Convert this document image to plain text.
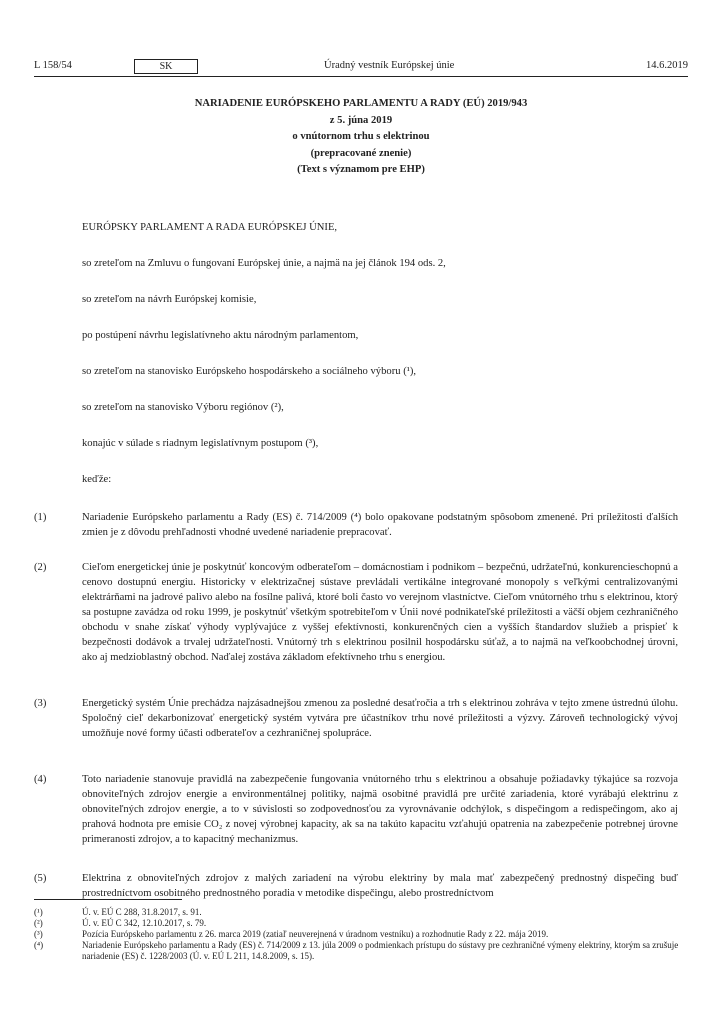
L 158/54	SK	Úradný vestník Európskej únie	14.6.2019
NARIADENIE EURÓPSKEHO PARLAMENTU A RADY (EÚ) 2019/943
z 5. júna 2019
o vnútornom trhu s elektrinou
(prepracované znenie)
(Text s významom pre EHP)
EURÓPSKY PARLAMENT A RADA EURÓPSKEJ ÚNIE,
so zreteľom na Zmluvu o fungovaní Európskej únie, a najmä na jej článok 194 ods. 2,
so zreteľom na návrh Európskej komisie,
po postúpení návrhu legislatívneho aktu národným parlamentom,
so zreteľom na stanovisko Európskeho hospodárskeho a sociálneho výboru (¹),
so zreteľom na stanovisko Výboru regiónov (²),
konajúc v súlade s riadnym legislatívnym postupom (³),
keďže:
(1)	Nariadenie Európskeho parlamentu a Rady (ES) č. 714/2009 (⁴) bolo opakovane podstatným spôsobom zmenené. Pri príležitosti ďalších zmien je z dôvodu prehľadnosti vhodné uvedené nariadenie prepracovať.
(2)	Cieľom energetickej únie je poskytnúť koncovým odberateľom – domácnostiam i podnikom – bezpečnú, udržateľnú, konkurencieschopnú a cenovo dostupnú energiu. Historicky v elektrizačnej sústave prevládali vertikálne integrované monopoly s veľkými centralizovanými elektrárňami na jadrové palivo alebo na fosílne palivá, ktoré boli často vo verejnom vlastníctve. Cieľom vnútorného trhu s elektrinou, ktorý sa postupne zavádza od roku 1999, je poskytnúť všetkým spotrebiteľom v Únii nové podnikateľské príležitosti a väčší objem cezhraničného obchodu v snahe získať výhody vyplývajúce z vyššej efektívnosti, konkurenčných cien a vyšších štandardov služieb a prispieť k bezpečnosti dodávok a trvalej udržateľnosti. Vnútorný trh s elektrinou posilnil hospodársku súťaž, a to najmä na veľkoobchodnej úrovni, ako aj medzioblastný obchod. Naďalej zostáva základom efektívneho trhu s energiou.
(3)	Energetický systém Únie prechádza najzásadnejšou zmenou za posledné desaťročia a trh s elektrinou zohráva v tejto zmene ústrednú úlohu. Spoločný cieľ dekarbonizovať energetický systém vytvára pre účastníkov trhu nové príležitosti a výzvy. Zároveň technologický vývoj umožňuje nové formy účasti odberateľov a cezhraničnej spolupráce.
(4)	Toto nariadenie stanovuje pravidlá na zabezpečenie fungovania vnútorného trhu s elektrinou a obsahuje požiadavky týkajúce sa rozvoja obnoviteľných zdrojov energie a environmentálnej politiky, najmä osobitné pravidlá pre určité zariadenia, ktoré vyrábajú elektrinu z obnoviteľných zdrojov energie, a to v súvislosti so zodpovednosťou za vyrovnávanie odchýlok, s dispečingom a redispečingom, ako aj prahová hodnota pre emisie CO₂ z novej výrobnej kapacity, ak sa na takúto kapacitu vzťahujú opatrenia na zabezpečenie potrebnej úrovne primeranosti zdrojov, a to kapacitný mechanizmus.
(5)	Elektrina z obnoviteľných zdrojov z malých zariadení na výrobu elektriny by mala mať zabezpečený prednostný dispečing buď prostredníctvom osobitného prednostného poradia v metodike dispečingu, alebo prostredníctvom
(¹)	Ú. v. EÚ C 288, 31.8.2017, s. 91.
(²)	Ú. v. EÚ C 342, 12.10.2017, s. 79.
(³)	Pozícia Európskeho parlamentu z 26. marca 2019 (zatiaľ neuverejnená v úradnom vestníku) a rozhodnutie Rady z 22. mája 2019.
(⁴)	Nariadenie Európskeho parlamentu a Rady (ES) č. 714/2009 z 13. júla 2009 o podmienkach prístupu do sústavy pre cezhraničné výmeny elektriny, ktorým sa zrušuje nariadenie (ES) č. 1228/2003 (Ú. v. EÚ L 211, 14.8.2009, s. 15).
